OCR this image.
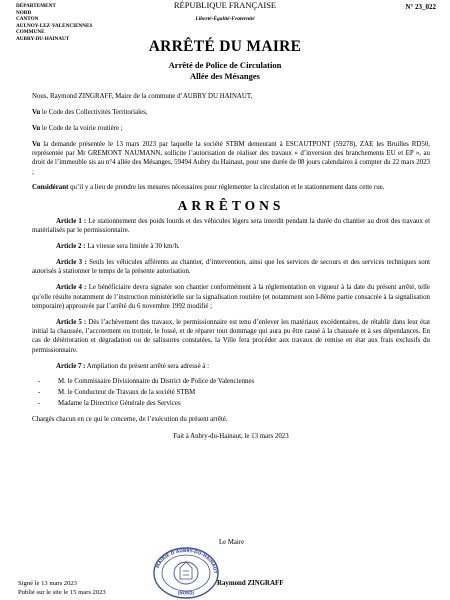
DÉPARTEMENT
NORD
CANTON
AULNOY-LEZ-VALENCIENNES
COMMUNE
AUBRY-DU-HAINAUT
RÉPUBLIQUE FRANÇAISE
Liberté-Égalité-Fraternité
N° 23_022
ARRÊTÉ DU MAIRE
Arrêté de Police de Circulation
Allée des Mésanges

Nous, Raymond ZINGRAFF, Maire de la commune d’AUBRY DU HAINAUT,

Vu le Code des Collectivités Territoriales,

Vu le Code de la voirie routière ;

Vu la demande présentée le 13 mars 2023 par laquelle la société STBM demeurant à ESCAUTPONT (59278), ZAE les Bruilles RD50, représentée par Mr GREMONT NAUMANN, sollicite l’autorisation de réaliser des travaux « d’inversion des branchements EU et EP », au droit de l’immeuble sis au n°4 allée des Mésanges, 59494 Aubry du Hainaut, pour une durée de 08 jours calendaires à compter du 22 mars 2023 ;

Considérant qu’il y a lieu de prendre les mesures nécessaires pour réglementer la circulation et le stationnement dans cette rue.

ARRÊTONS

Article 1 : Le stationnement des poids lourds et des véhicules légers sera interdit pendant la durée du chantier au droit des travaux et matérialisés par le permissionnaire.

Article 2 : La vitesse sera limitée à 30 km/h.

Article 3 : Seuls les véhicules afférents au chantier, d’intervention, ainsi que les services de secours et des services techniques sont autorisés à stationner le temps de la présente autorisation.

Article 4 : Le bénéficiaire devra signaler son chantier conformément à la réglementation en vigueur à la date du présent arrêté, telle qu’elle résulte notamment de l’instruction ministérielle sur la signalisation routière (et notamment son I-8ème partie consacrée à la signalisation temporaire) approuvée par l’arrêté du 6 novembre 1992 modifié ;

Article 5 : Dès l’achèvement des travaux, le permissionnaire est tenu d’enlever les matériaux excédentaires, de rétablir dans leur état initial la chaussée, l’accotement ou trottoir, le fossé, et de réparer tout dommage qui aura pu être causé à la chaussée et à ses dépendances. En cas de détérioration et dégradation ou de salissures constatées, la Ville fera procéder aux travaux de remise en état aux frais exclusifs du permissionnaire.

Article 7 : Ampliation du présent arrêté sera adressé à :

- M. le Commissaire Divisionnaire du District de Police de Valenciennes
- M. le Conducteur de Travaux de la société STBM
- Madame la Directrice Générale des Services

Chargés chacun en ce qui le concerne, de l’exécution du présent arrêté.

Fait à Aubry-du-Hainaut, le 13 mars 2023

Le Maire
MAIRIE D'AUBRY-DU-HAINAUT
(NORD)
Raymond ZINGRAFF
Signé le 13 mars 2023
Publié sur le site le 15 mars 2023
